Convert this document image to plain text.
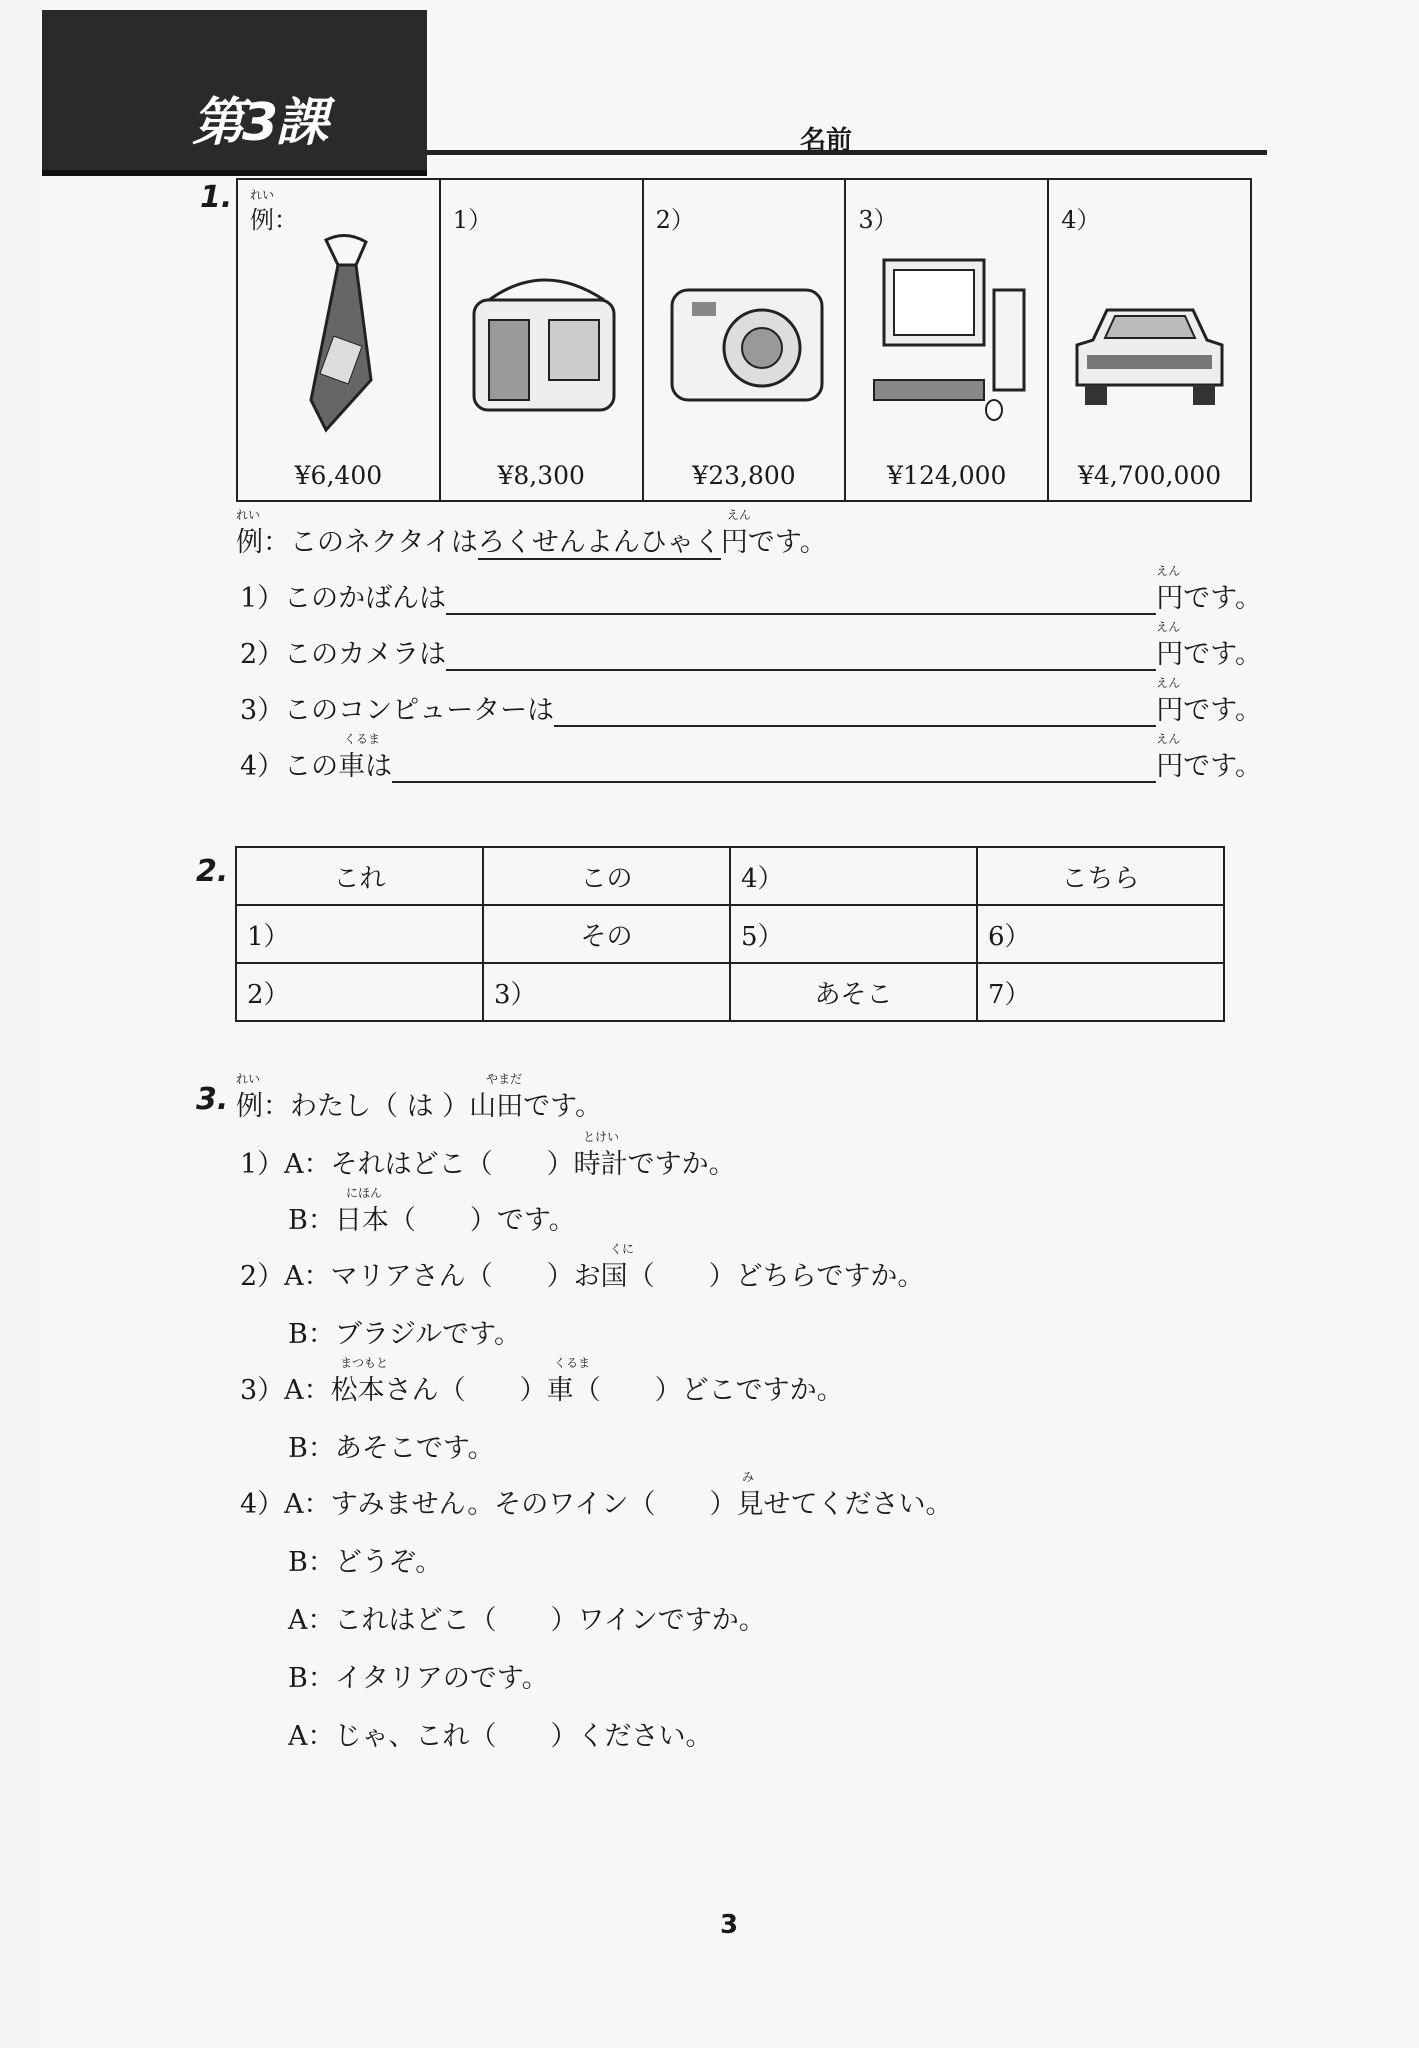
第3課	名前
1. れい
例：
¥6,400
1）
¥8,300
2）
¥23,800
3）
¥124,000
4）
¥4,700,000
れい
例：このネクタイはろくせんよんひゃく
えん
円です。
1）このかばんは
えん
円です。
2）このカメラは
えん
円です。
3）このコンピューターは
えん
円です。
4）この車は
えん
円です。
くるま
2.	これ	この	4）	こちら
1）	その	5）	6）
2）	3）	あそこ	7）
3.
れい	やまだ
例：わたし（ は ）山田です。
とけい
1）A：それはどこ（　　）時計ですか。
にほん
B：日本（　　）です。
くに
2）A：マリアさん（　　）お国（　　）どちらですか。
B：ブラジルです。
まつもと	くるま
3）A：松本さん（　　）車（　　）どこですか。
B：あそこです。
み
4）A：すみません。そのワイン（　　）見せてください。
B：どうぞ。
A：これはどこ（　　）ワインですか。
B：イタリアのです。
A：じゃ、これ（　　）ください。
3
